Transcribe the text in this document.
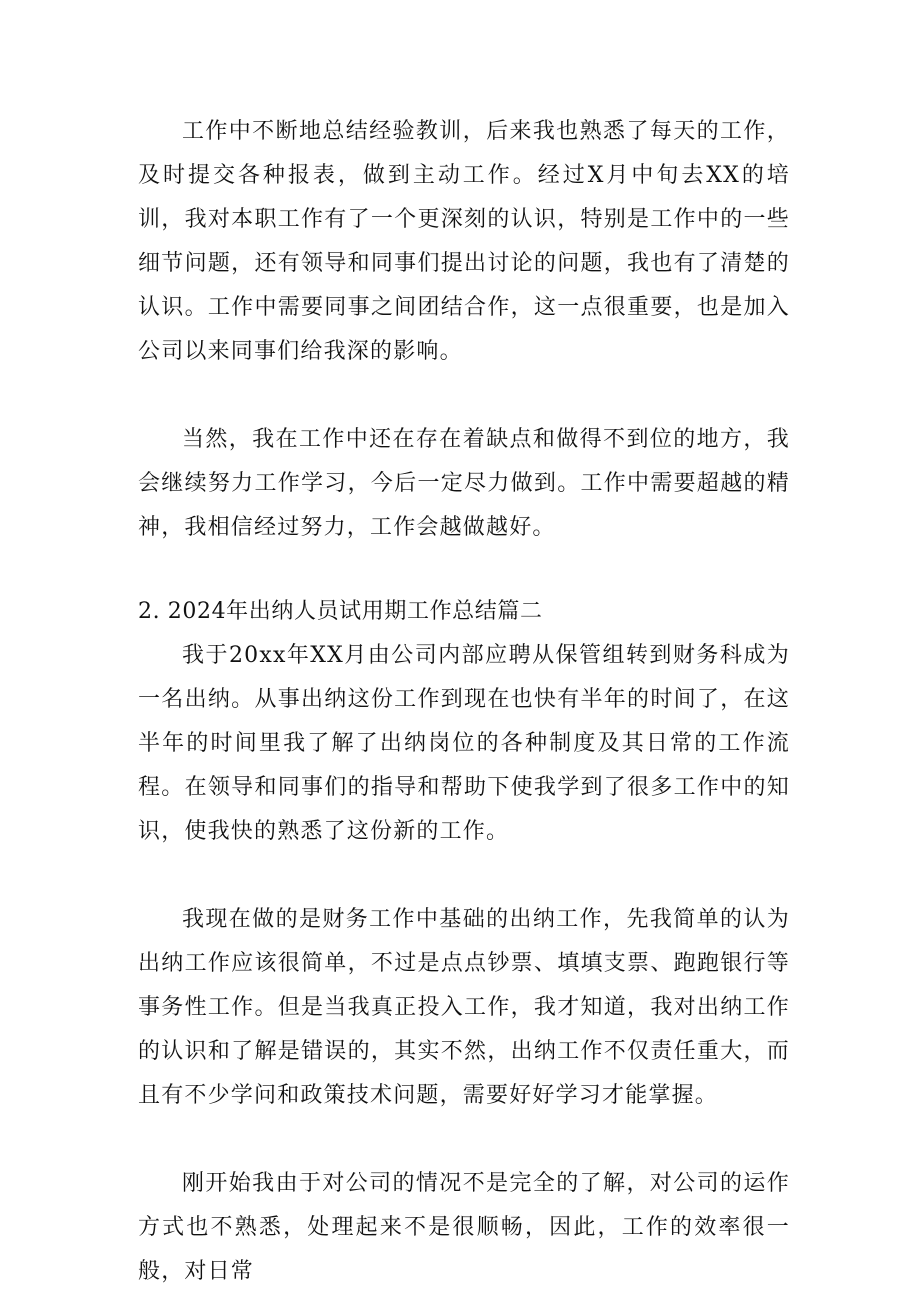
工作中不断地总结经验教训，后来我也熟悉了每天的工作，及时提交各种报表，做到主动工作。经过X月中旬去XX的培训，我对本职工作有了一个更深刻的认识，特别是工作中的一些细节问题，还有领导和同事们提出讨论的问题，我也有了清楚的认识。工作中需要同事之间团结合作，这一点很重要，也是加入公司以来同事们给我深的影响。

当然，我在工作中还在存在着缺点和做得不到位的地方，我会继续努力工作学习，今后一定尽力做到。工作中需要超越的精神，我相信经过努力，工作会越做越好。

2. 2024年出纳人员试用期工作总结篇二

我于20xx年XX月由公司内部应聘从保管组转到财务科成为一名出纳。从事出纳这份工作到现在也快有半年的时间了，在这半年的时间里我了解了出纳岗位的各种制度及其日常的工作流程。在领导和同事们的指导和帮助下使我学到了很多工作中的知识，使我快的熟悉了这份新的工作。

我现在做的是财务工作中基础的出纳工作，先我简单的认为出纳工作应该很简单，不过是点点钞票、填填支票、跑跑银行等事务性工作。但是当我真正投入工作，我才知道，我对出纳工作的认识和了解是错误的，其实不然，出纳工作不仅责任重大，而且有不少学问和政策技术问题，需要好好学习才能掌握。

刚开始我由于对公司的情况不是完全的了解，对公司的运作方式也不熟悉，处理起来不是很顺畅，因此，工作的效率很一般，对日常
